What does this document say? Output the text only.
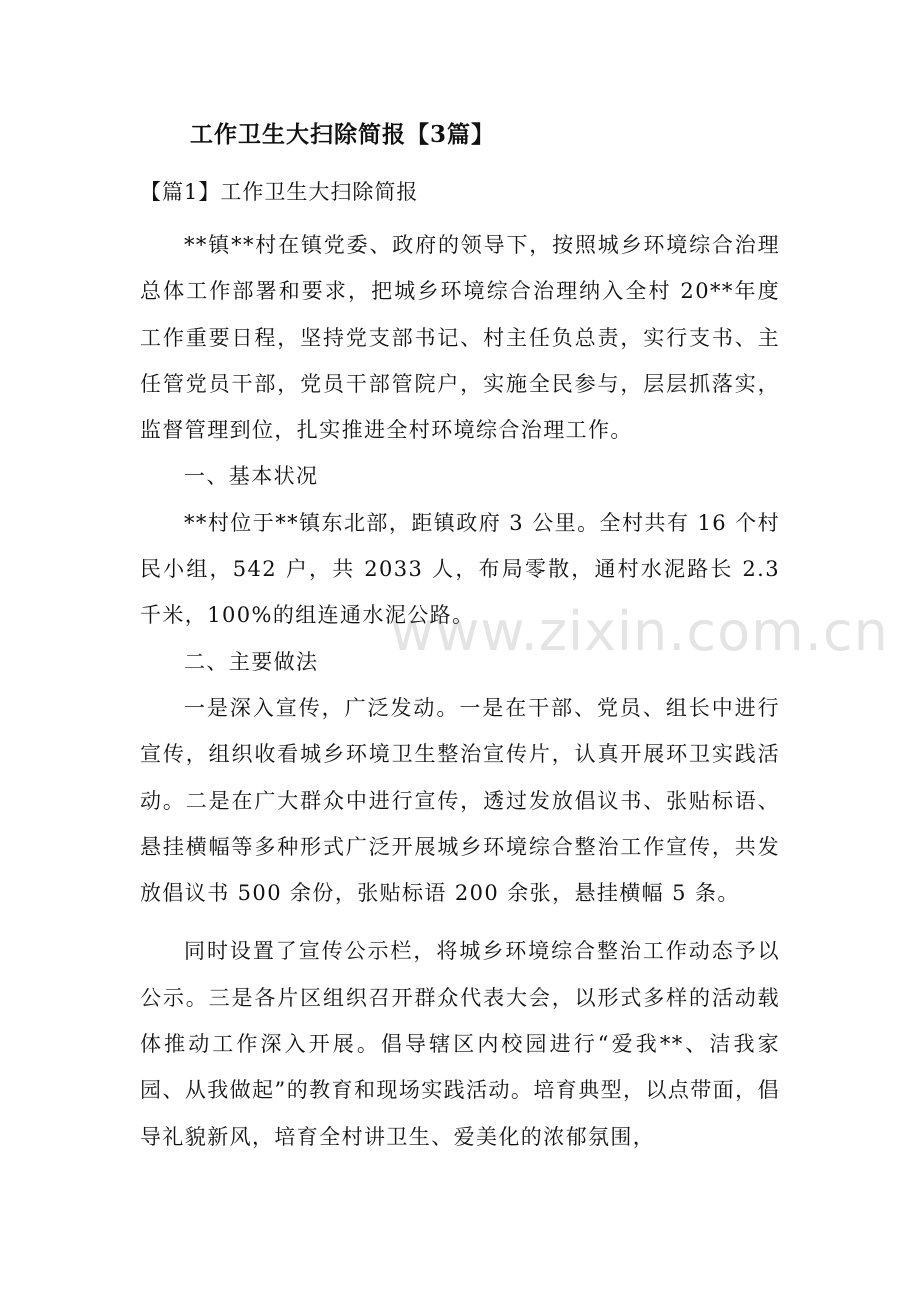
工作卫生大扫除简报【3篇】
【篇1】工作卫生大扫除简报

**镇**村在镇党委、政府的领导下，按照城乡环境综合治理总体工作部署和要求，把城乡环境综合治理纳入全村 20**年度工作重要日程，坚持党支部书记、村主任负总责，实行支书、主任管党员干部，党员干部管院户，实施全民参与，层层抓落实，监督管理到位，扎实推进全村环境综合治理工作。

一、基本状况

**村位于**镇东北部，距镇政府 3 公里。全村共有 16 个村民小组，542 户，共 2033 人，布局零散，通村水泥路长 2.3 千米，100%的组连通水泥公路。

二、主要做法

一是深入宣传，广泛发动。一是在干部、党员、组长中进行宣传，组织收看城乡环境卫生整治宣传片，认真开展环卫实践活动。二是在广大群众中进行宣传，透过发放倡议书、张贴标语、悬挂横幅等多种形式广泛开展城乡环境综合整治工作宣传，共发放倡议书 500 余份，张贴标语 200 余张，悬挂横幅 5 条。

同时设置了宣传公示栏，将城乡环境综合整治工作动态予以公示。三是各片区组织召开群众代表大会，以形式多样的活动载体推动工作深入开展。倡导辖区内校园进行“爱我**、洁我家园、从我做起”的教育和现场实践活动。培育典型，以点带面，倡导礼貌新风，培育全村讲卫生、爱美化的浓郁氛围，

www.zixin.com.cn
